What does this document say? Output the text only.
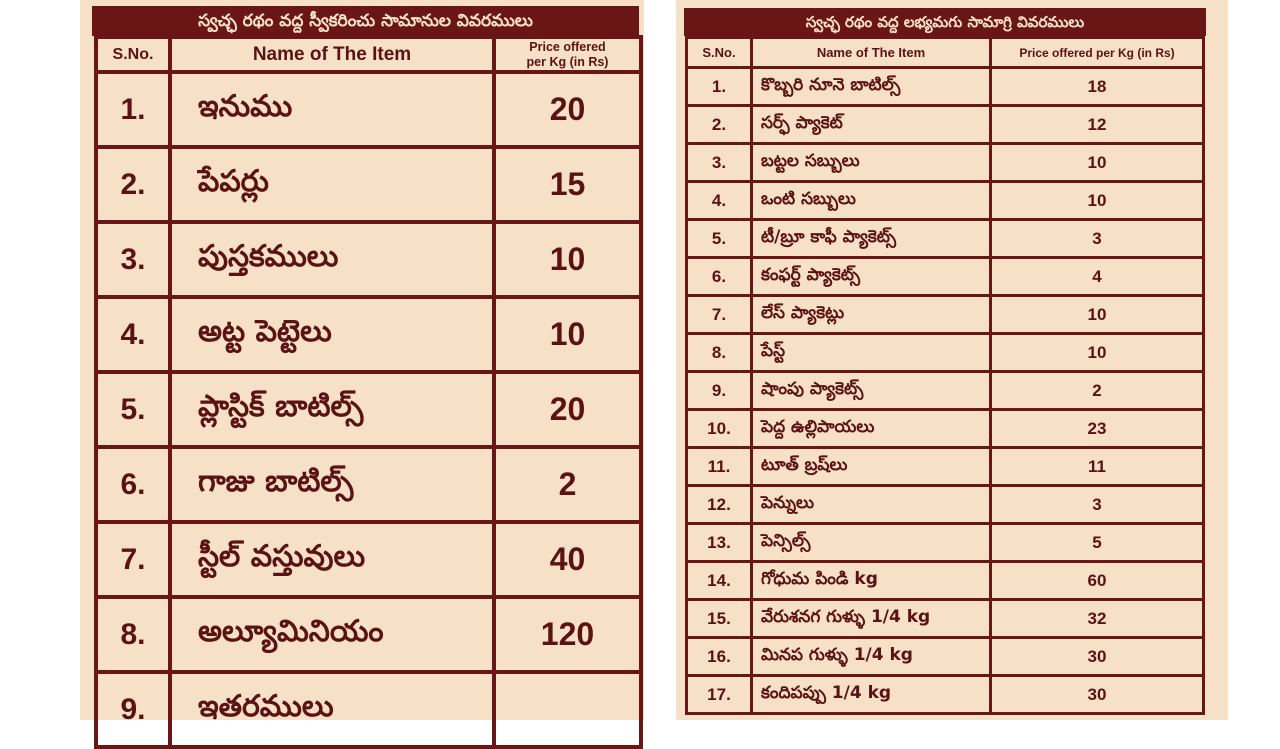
స్వచ్ఛ రథం వద్ద స్వీకరించు సామానుల వివరములు
S.No.	Name of The Item	Price offered
per Kg (in Rs)

1.	ఇనుము	20
2.	పేపర్లు	15
3.	పుస్తకములు	10
4.	అట్ట పెట్టెలు	10
5.	ప్లాస్టిక్ బాటిల్స్	20
6.	గాజు బాటిల్స్	2
7.	స్టీల్ వస్తువులు	40
8.	అల్యూమినియం	120
9.	ఇతరములు	
స్వచ్ఛ రథం వద్ద లభ్యమగు సామాగ్రి వివరములు
S.No.	Name of The Item	Price offered per Kg (in Rs)
1.	కొబ్బరి నూనె బాటిల్స్	18
2.	సర్ఫ్ ప్యాకెట్	12
3.	బట్టల సబ్బులు	10
4.	ఒంటి సబ్బులు	10
5.	టీ/బ్రూ కాఫీ ప్యాకెట్స్	3
6.	కంఫర్ట్ ప్యాకెట్స్	4
7.	లేస్ ప్యాకెట్లు	10
8.	పేస్ట్	10
9.	షాంపు ప్యాకెట్స్	2
10.	పెద్ద ఉల్లిపాయలు	23
11.	టూత్ బ్రష్‌లు	11
12.	పెన్నులు	3
13.	పెన్సిల్స్	5
14.	గోధుమ పిండి kg	60
15.	వేరుశనగ గుళ్ళు 1/4 kg	32
16.	మినప గుళ్ళు 1/4 kg	30
17.	కందిపప్పు 1/4 kg	30
